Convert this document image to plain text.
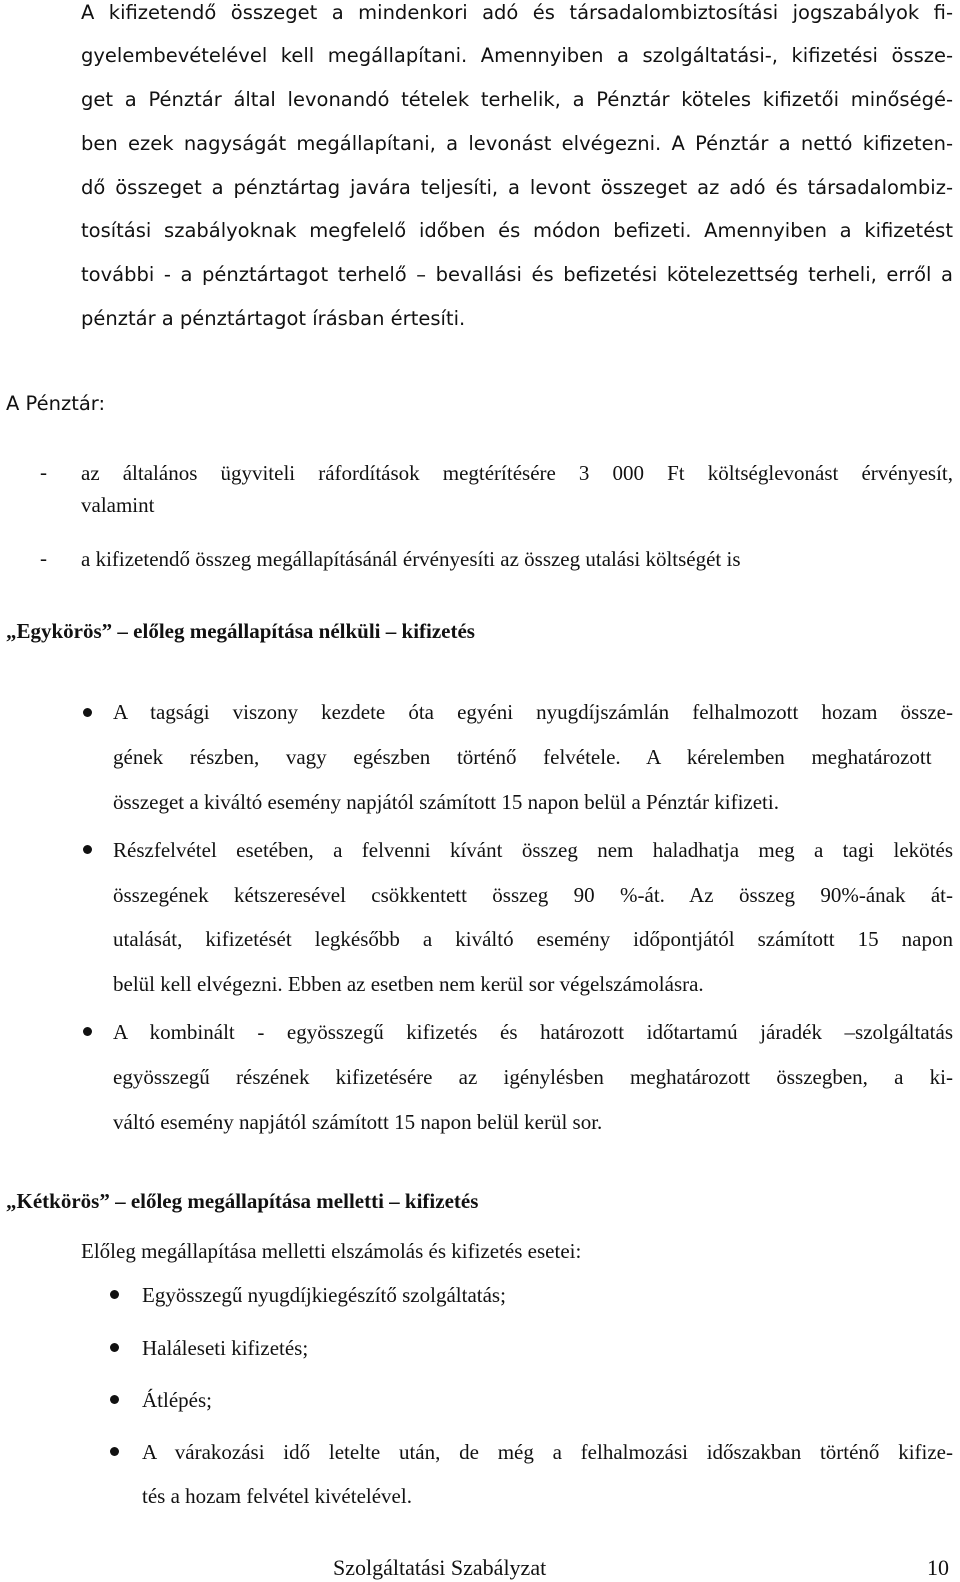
A kifizetendő összeget a mindenkori adó és társadalombiztosítási jogszabályok fi-
gyelembevételével kell megállapítani. Amennyiben a szolgáltatási-, kifizetési össze-
get a Pénztár által levonandó tételek terhelik, a Pénztár köteles kifizetői minőségé-
ben ezek nagyságát megállapítani, a levonást elvégezni. A Pénztár a nettó kifizeten-
dő összeget a pénztártag javára teljesíti, a levont összeget az adó és társadalombiz-
tosítási szabályoknak megfelelő időben és módon befizeti. Amennyiben a kifizetést
további - a pénztártagot terhelő – bevallási és befizetési kötelezettség terheli, erről a
pénztár a pénztártagot írásban értesíti.
A Pénztár:
- az általános ügyviteli ráfordítások megtérítésére 3 000 Ft költséglevonást érvényesít,
valamint
- a kifizetendő összeg megállapításánál érvényesíti az összeg utalási költségét is
„Egykörös” – előleg megállapítása nélküli – kifizetés
A tagsági viszony kezdete óta egyéni nyugdíjszámlán felhalmozott hozam össze-
gének részben, vagy egészben történő felvétele. A kérelemben meghatározott
összeget a kiváltó esemény napjától számított 15 napon belül a Pénztár kifizeti.
Részfelvétel esetében, a felvenni kívánt összeg nem haladhatja meg a tagi lekötés
összegének kétszeresével csökkentett összeg 90 %-át. Az összeg 90%-ának át-
utalását, kifizetését legkésőbb a kiváltó esemény időpontjától számított 15 napon
belül kell elvégezni. Ebben az esetben nem kerül sor végelszámolásra.
A kombinált - egyösszegű kifizetés és határozott időtartamú járadék –szolgáltatás
egyösszegű részének kifizetésére az igénylésben meghatározott összegben, a ki-
váltó esemény napjától számított 15 napon belül kerül sor.
„Kétkörös” – előleg megállapítása melletti – kifizetés
Előleg megállapítása melletti elszámolás és kifizetés esetei:
Egyösszegű nyugdíjkiegészítő szolgáltatás;
Haláleseti kifizetés;
Átlépés;
A várakozási idő letelte után, de még a felhalmozási időszakban történő kifize-
tés a hozam felvétel kivételével.
Szolgáltatási Szabályzat	10
